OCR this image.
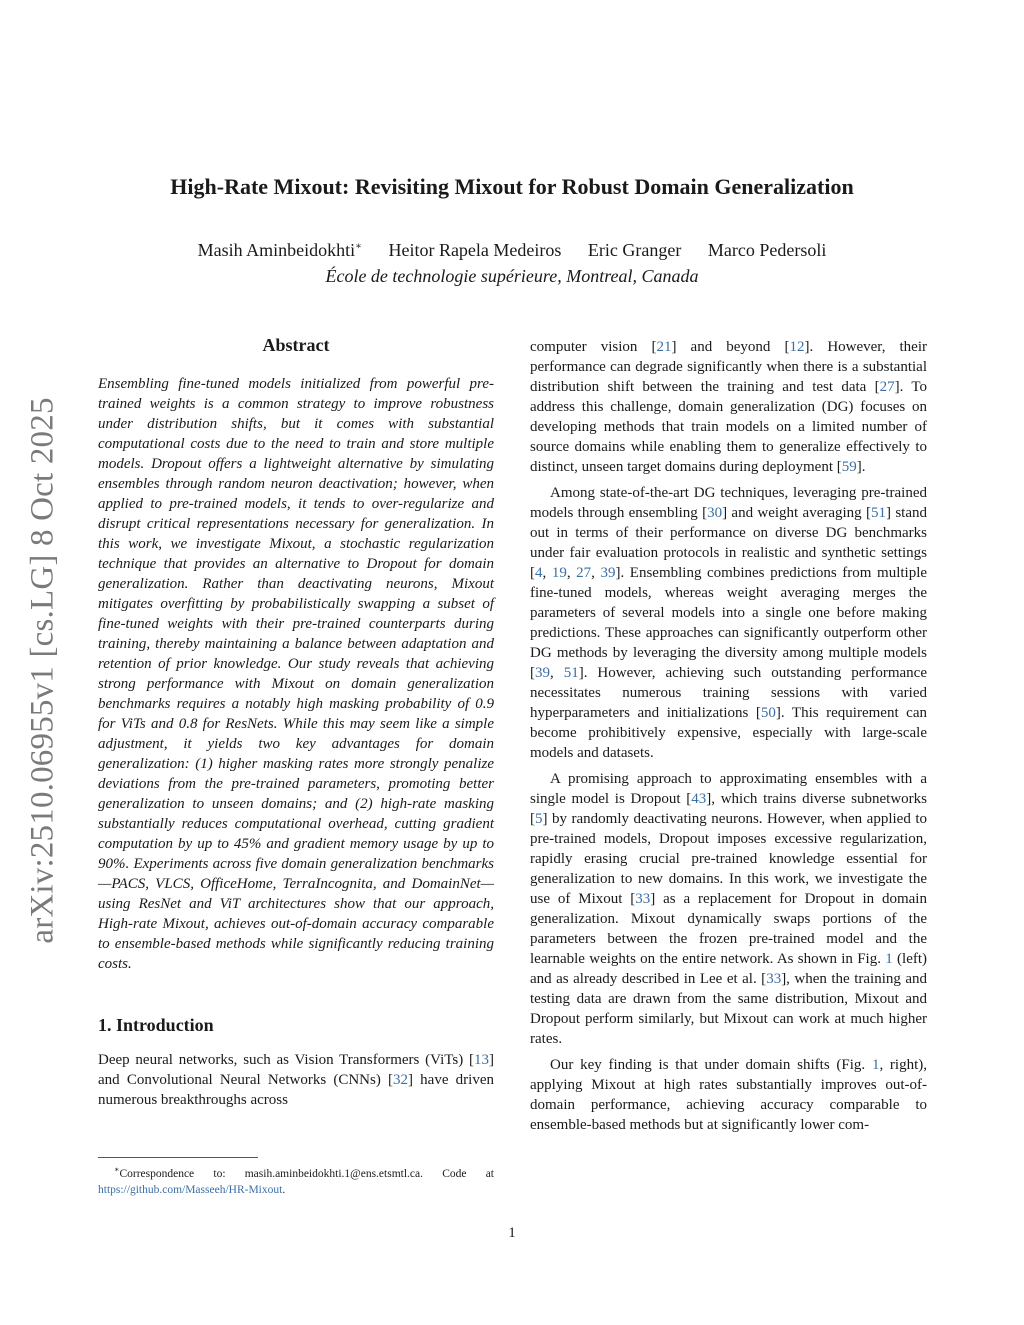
arXiv:2510.06955v1 [cs.LG] 8 Oct 2025
High-Rate Mixout: Revisiting Mixout for Robust Domain Generalization
Masih Aminbeidokhti∗ Heitor Rapela Medeiros Eric Granger Marco Pedersoli
École de technologie supérieure, Montreal, Canada
Abstract

Ensembling fine-tuned models initialized from powerful pre-trained weights is a common strategy to improve robustness under distribution shifts, but it comes with substantial computational costs due to the need to train and store multiple models. Dropout offers a lightweight alternative by simulating ensembles through random neuron deactivation; however, when applied to pre-trained models, it tends to over-regularize and disrupt critical representations necessary for generalization. In this work, we investigate Mixout, a stochastic regularization technique that provides an alternative to Dropout for domain generalization. Rather than deactivating neurons, Mixout mitigates overfitting by probabilistically swapping a subset of fine-tuned weights with their pre-trained counterparts during training, thereby maintaining a balance between adaptation and retention of prior knowledge. Our study reveals that achieving strong performance with Mixout on domain generalization benchmarks requires a notably high masking probability of 0.9 for ViTs and 0.8 for ResNets. While this may seem like a simple adjustment, it yields two key advantages for domain generalization: (1) higher masking rates more strongly penalize deviations from the pre-trained parameters, promoting better generalization to unseen domains; and (2) high-rate masking substantially reduces computational overhead, cutting gradient computation by up to 45% and gradient memory usage by up to 90%. Experiments across five domain generalization benchmarks—PACS, VLCS, OfficeHome, TerraIncognita, and DomainNet—using ResNet and ViT architectures show that our approach, High-rate Mixout, achieves out-of-domain accuracy comparable to ensemble-based methods while significantly reducing training costs.

1. Introduction

Deep neural networks, such as Vision Transformers (ViTs) [13] and Convolutional Neural Networks (CNNs) [32] have driven numerous breakthroughs across

computer vision [21] and beyond [12]. However, their performance can degrade significantly when there is a substantial distribution shift between the training and test data [27]. To address this challenge, domain generalization (DG) focuses on developing methods that train models on a limited number of source domains while enabling them to generalize effectively to distinct, unseen target domains during deployment [59].

Among state-of-the-art DG techniques, leveraging pre-trained models through ensembling [30] and weight averaging [51] stand out in terms of their performance on diverse DG benchmarks under fair evaluation protocols in realistic and synthetic settings [4, 19, 27, 39]. Ensembling combines predictions from multiple fine-tuned models, whereas weight averaging merges the parameters of several models into a single one before making predictions. These approaches can significantly outperform other DG methods by leveraging the diversity among multiple models [39, 51]. However, achieving such outstanding performance necessitates numerous training sessions with varied hyperparameters and initializations [50]. This requirement can become prohibitively expensive, especially with large-scale models and datasets.

A promising approach to approximating ensembles with a single model is Dropout [43], which trains diverse subnetworks [5] by randomly deactivating neurons. However, when applied to pre-trained models, Dropout imposes excessive regularization, rapidly erasing crucial pre-trained knowledge essential for generalization to new domains. In this work, we investigate the use of Mixout [33] as a replacement for Dropout in domain generalization. Mixout dynamically swaps portions of the parameters between the frozen pre-trained model and the learnable weights on the entire network. As shown in Fig. 1 (left) and as already described in Lee et al. [33], when the training and testing data are drawn from the same distribution, Mixout and Dropout perform similarly, but Mixout can work at much higher rates.

Our key finding is that under domain shifts (Fig. 1, right), applying Mixout at high rates substantially improves out-of-domain performance, achieving accuracy comparable to ensemble-based methods but at significantly lower com-

∗Correspondence to: masih.aminbeidokhti.1@ens.etsmtl.ca. Code at https://github.com/Masseeh/HR-Mixout.
1
